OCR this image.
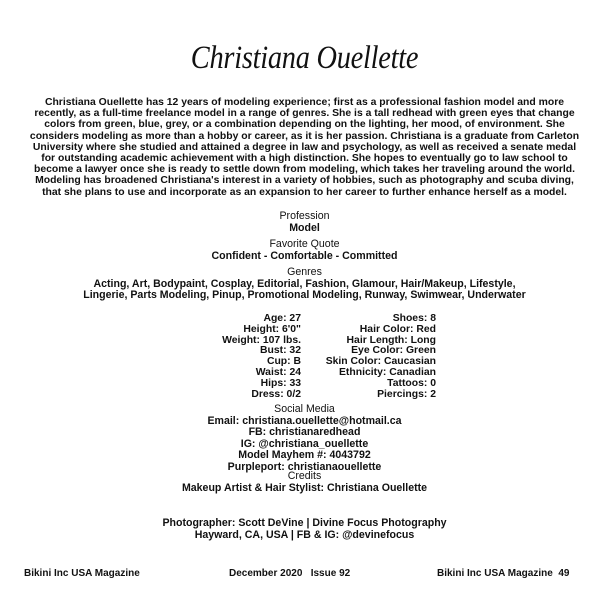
Christiana Ouellette
Christiana Ouellette has 12 years of modeling experience; first as a professional fashion model and more recently, as a full-time freelance model in a range of genres. She is a tall redhead with green eyes that change colors from green, blue, grey, or a combination depending on the lighting, her mood, of environment. She considers modeling as more than a hobby or career, as it is her passion. Christiana is a graduate from Carleton University where she studied and attained a degree in law and psychology, as well as received a senate medal for outstanding academic achievement with a high distinction. She hopes to eventually go to law school to become a lawyer once she is ready to settle down from modeling, which takes her traveling around the world. Modeling has broadened Christiana's interest in a variety of hobbies, such as photography and scuba diving, that she plans to use and incorporate as an expansion to her career to further enhance herself as a model.
Profession
Model
Favorite Quote
Confident - Comfortable - Committed
Genres
Acting, Art, Bodypaint, Cosplay, Editorial, Fashion, Glamour, Hair/Makeup, Lifestyle,
Lingerie, Parts Modeling, Pinup, Promotional Modeling, Runway, Swimwear, Underwater
Age: 27
Height: 6'0"
Weight: 107 lbs.
Bust: 32
Cup: B
Waist: 24
Hips: 33
Dress: 0/2
Shoes: 8
Hair Color: Red
Hair Length: Long
Eye Color: Green
Skin Color: Caucasian
Ethnicity: Canadian
Tattoos: 0
Piercings: 2
Social Media
Email: christiana.ouellette@hotmail.ca
FB: christianaredhead
IG: @christiana_ouellette
Model Mayhem #: 4043792
Purpleport: christianaouellette
Credits
Makeup Artist & Hair Stylist: Christiana Ouellette
Photographer: Scott DeVine | Divine Focus Photography
Hayward, CA, USA | FB & IG: @devinefocus
Bikini Inc USA Magazine	December 2020   Issue 92	Bikini Inc USA Magazine  49
